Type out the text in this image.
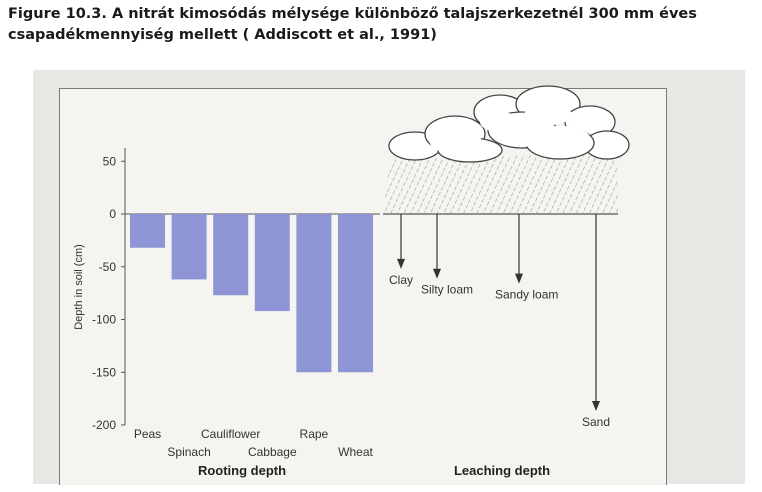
Figure 10.3. A nitrát kimosódás mélysége különböző talajszerkezetnél 300 mm éves
csapadékmennyiség mellett ( Addiscott et al., 1991)
Depth in soil (cm)
Rooting depth
50
0
-50
-100
-150
-200
Peas
Spinach
Cauliflower
Cabbage
Rape
Wheat
Leaching depth
Clay
Silty loam Sandy loam
Sand
